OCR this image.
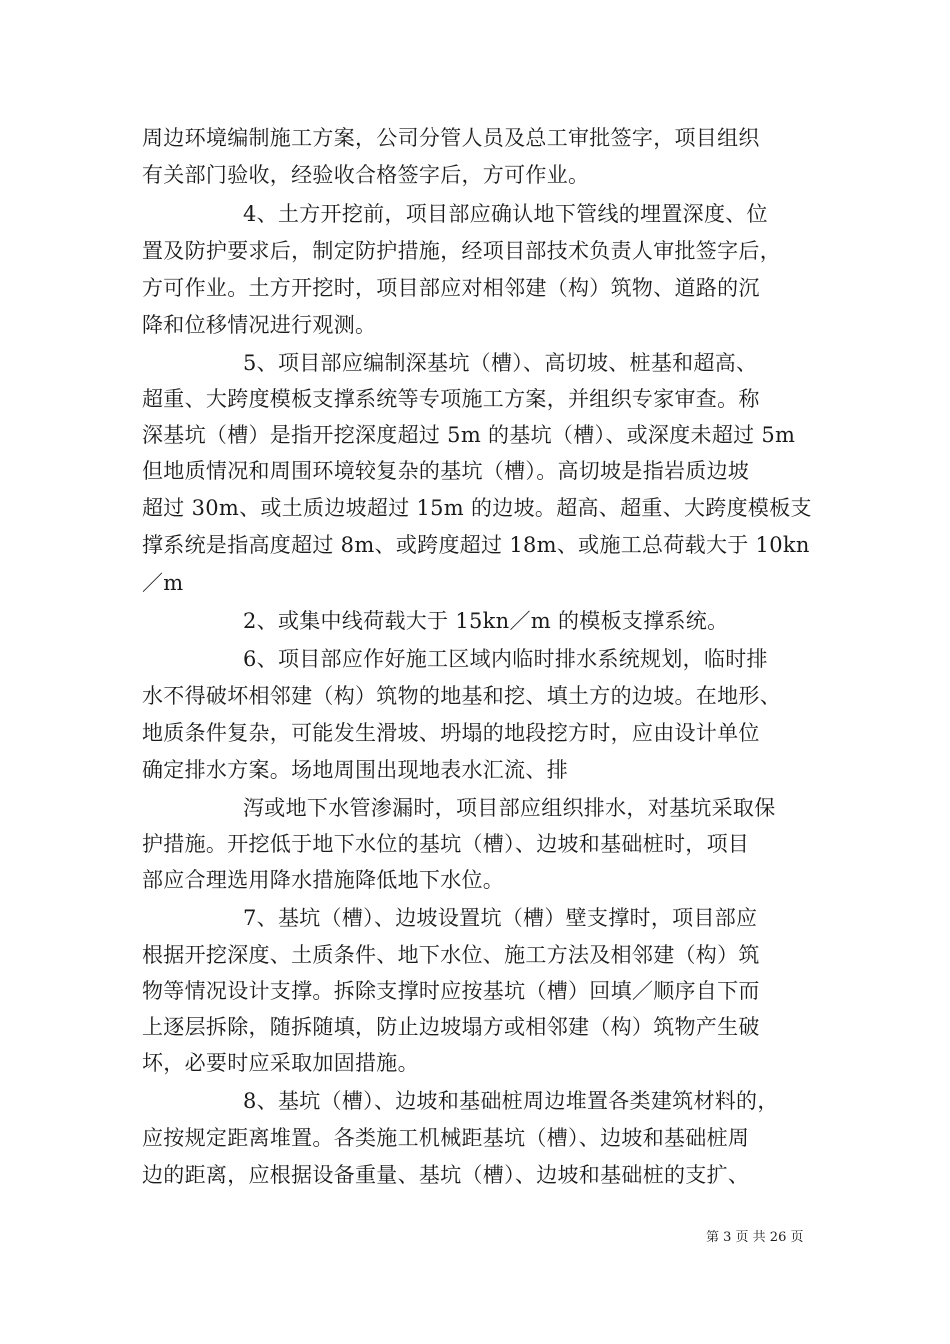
周边环境编制施工方案，公司分管人员及总工审批签字，项目组织
有关部门验收，经验收合格签字后，方可作业。
4、土方开挖前，项目部应确认地下管线的埋置深度、位
置及防护要求后，制定防护措施，经项目部技术负责人审批签字后，
方可作业。土方开挖时，项目部应对相邻建（构）筑物、道路的沉
降和位移情况进行观测。
5、项目部应编制深基坑（槽）、高切坡、桩基和超高、
超重、大跨度模板支撑系统等专项施工方案，并组织专家审查。称
深基坑（槽）是指开挖深度超过 5m 的基坑（槽）、或深度未超过 5m
但地质情况和周围环境较复杂的基坑（槽）。高切坡是指岩质边坡
超过 30m、或土质边坡超过 15m 的边坡。超高、超重、大跨度模板支
撑系统是指高度超过 8m、或跨度超过 18m、或施工总荷载大于 10kn
／m
2、或集中线荷载大于 15kn／m 的模板支撑系统。
6、项目部应作好施工区域内临时排水系统规划，临时排
水不得破坏相邻建（构）筑物的地基和挖、填土方的边坡。在地形、
地质条件复杂，可能发生滑坡、坍塌的地段挖方时，应由设计单位
确定排水方案。场地周围出现地表水汇流、排
泻或地下水管渗漏时，项目部应组织排水，对基坑采取保
护措施。开挖低于地下水位的基坑（槽）、边坡和基础桩时，项目
部应合理选用降水措施降低地下水位。
7、基坑（槽）、边坡设置坑（槽）壁支撑时，项目部应
根据开挖深度、土质条件、地下水位、施工方法及相邻建（构）筑
物等情况设计支撑。拆除支撑时应按基坑（槽）回填／顺序自下而
上逐层拆除，随拆随填，防止边坡塌方或相邻建（构）筑物产生破
坏，必要时应采取加固措施。
8、基坑（槽）、边坡和基础桩周边堆置各类建筑材料的，
应按规定距离堆置。各类施工机械距基坑（槽）、边坡和基础桩周
边的距离，应根据设备重量、基坑（槽）、边坡和基础桩的支扩、
第 3 页 共 26 页
